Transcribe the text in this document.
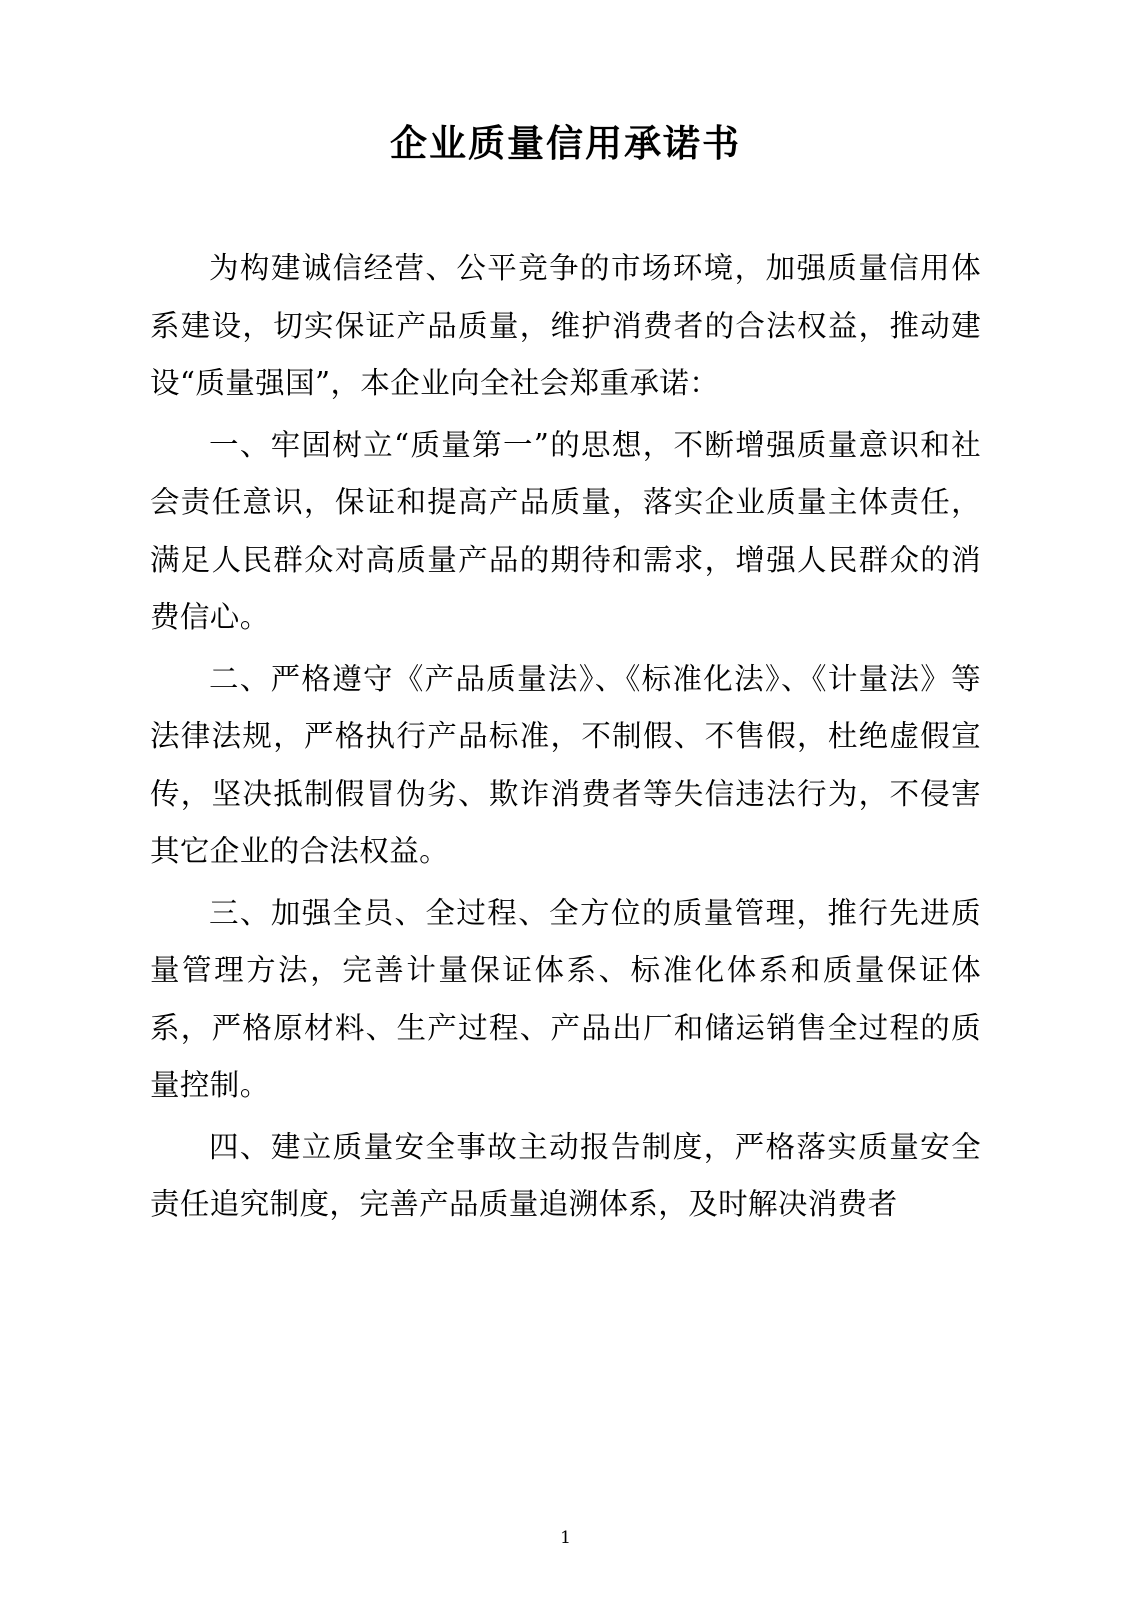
企业质量信用承诺书

为构建诚信经营、公平竞争的市场环境，加强质量信用体系建设，切实保证产品质量，维护消费者的合法权益，推动建设“质量强国”，本企业向全社会郑重承诺：

一、牢固树立“质量第一”的思想，不断增强质量意识和社会责任意识，保证和提高产品质量，落实企业质量主体责任，满足人民群众对高质量产品的期待和需求，增强人民群众的消费信心。

二、严格遵守《产品质量法》、《标准化法》、《计量法》等法律法规，严格执行产品标准，不制假、不售假，杜绝虚假宣传，坚决抵制假冒伪劣、欺诈消费者等失信违法行为，不侵害其它企业的合法权益。

三、加强全员、全过程、全方位的质量管理，推行先进质量管理方法，完善计量保证体系、标准化体系和质量保证体系，严格原材料、生产过程、产品出厂和储运销售全过程的质量控制。

四、建立质量安全事故主动报告制度，严格落实质量安全责任追究制度，完善产品质量追溯体系，及时解决消费者

1
